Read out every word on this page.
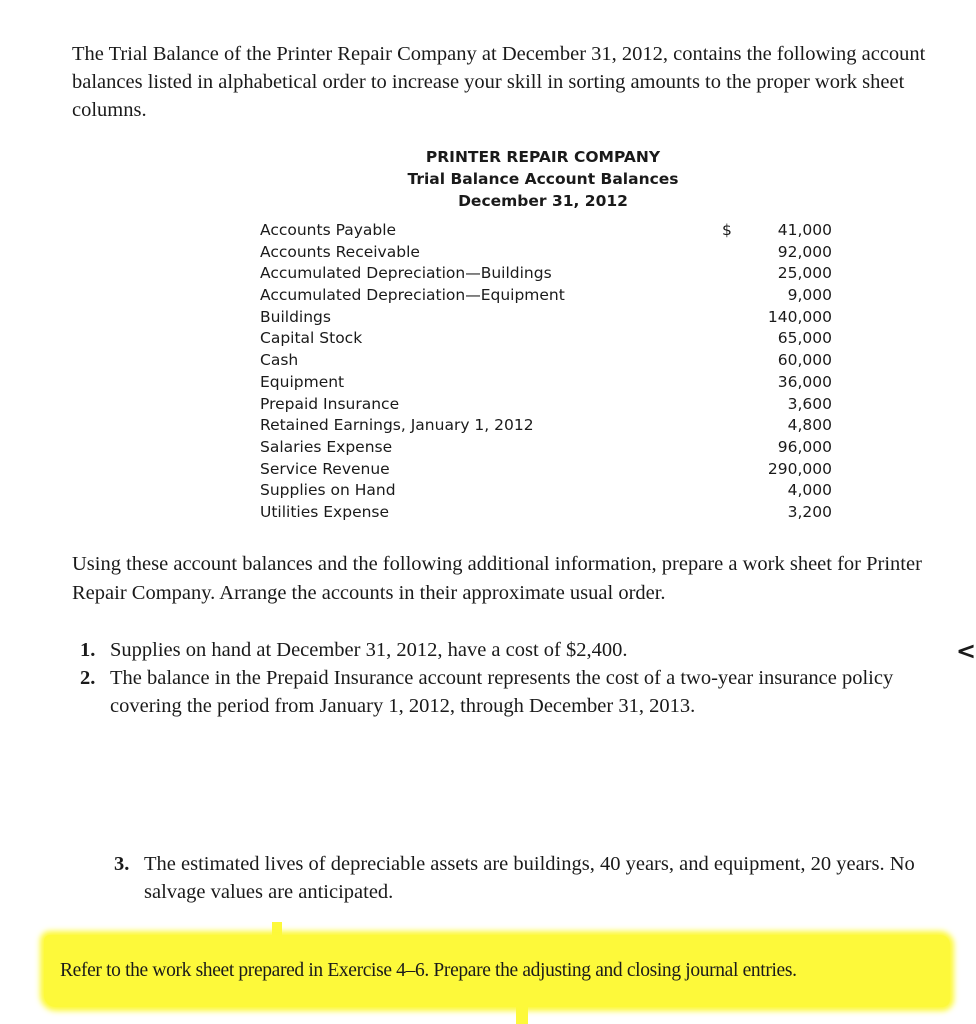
The Trial Balance of the Printer Repair Company at December 31, 2012, contains the following account balances listed in alphabetical order to increase your skill in sorting amounts to the proper work sheet columns.

PRINTER REPAIR COMPANY
Trial Balance Account Balances
December 31, 2012
Accounts Payable	$	41,000
Accounts Receivable	92,000
Accumulated Depreciation—Buildings	25,000
Accumulated Depreciation—Equipment	9,000
Buildings	140,000
Capital Stock	65,000
Cash	60,000
Equipment	36,000
Prepaid Insurance	3,600
Retained Earnings, January 1, 2012	4,800
Salaries Expense	96,000
Service Revenue	290,000
Supplies on Hand	4,000
Utilities Expense	3,200

Using these account balances and the following additional information, prepare a work sheet for Printer Repair Company. Arrange the accounts in their approximate usual order.

1. Supplies on hand at December 31, 2012, have a cost of $2,400.
2. The balance in the Prepaid Insurance account represents the cost of a two-year insurance policy covering the period from January 1, 2012, through December 31, 2013.
3. The estimated lives of depreciable assets are buildings, 40 years, and equipment, 20 years. No salvage values are anticipated.
<
Refer to the work sheet prepared in Exercise 4–6. Prepare the adjusting and closing journal entries.
